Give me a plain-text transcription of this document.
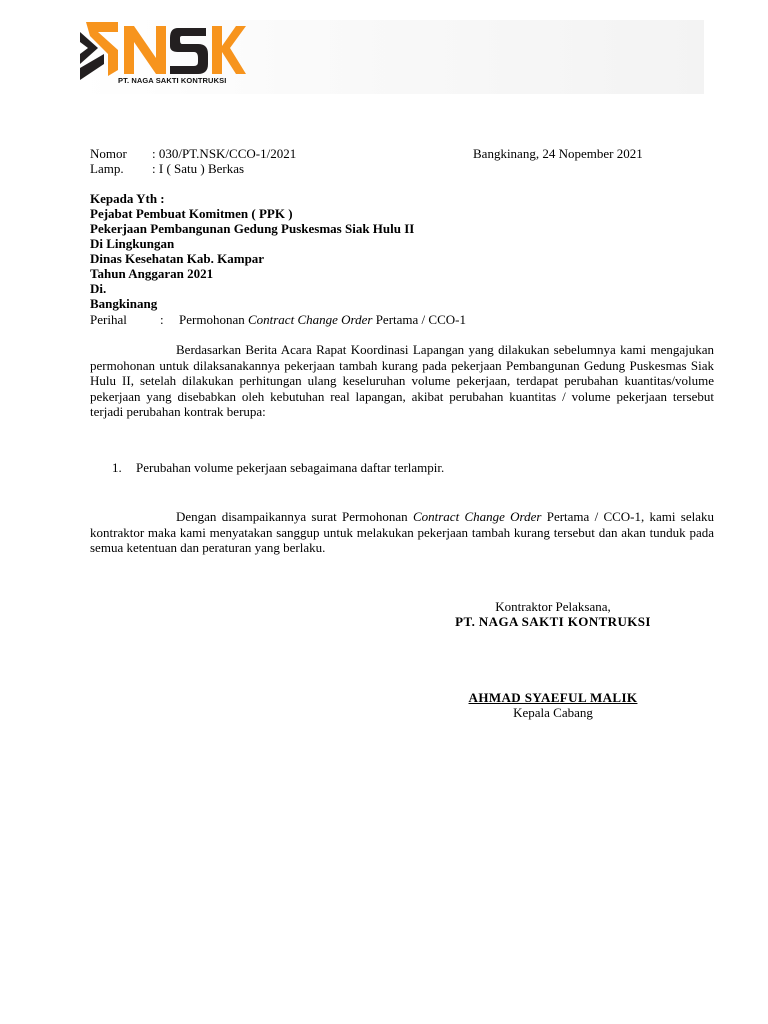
PT. NAGA SAKTI KONTRUKSI
Nomor : 030/PT.NSK/CCO-1/2021	Bangkinang, 24 Nopember 2021
Lamp. : I ( Satu ) Berkas
Kepada Yth :
Pejabat Pembuat Komitmen ( PPK )
Pekerjaan Pembangunan Gedung Puskesmas Siak Hulu II
Di Lingkungan
Dinas Kesehatan Kab. Kampar
Tahun Anggaran 2021
Di.
Bangkinang
Perihal	: Permohonan Contract Change Order Pertama / CCO-1
Berdasarkan Berita Acara Rapat Koordinasi Lapangan yang dilakukan sebelumnya kami mengajukan permohonan untuk dilaksanakannya pekerjaan tambah kurang pada pekerjaan Pembangunan Gedung Puskesmas Siak Hulu II, setelah dilakukan perhitungan ulang keseluruhan volume pekerjaan, terdapat perubahan kuantitas/volume pekerjaan yang disebabkan oleh kebutuhan real lapangan, akibat perubahan kuantitas / volume pekerjaan tersebut terjadi perubahan kontrak berupa:
1. Perubahan volume pekerjaan sebagaimana daftar terlampir.
Dengan disampaikannya surat Permohonan Contract Change Order Pertama / CCO-1, kami selaku kontraktor maka kami menyatakan sanggup untuk melakukan pekerjaan tambah kurang tersebut dan akan tunduk pada semua ketentuan dan peraturan yang berlaku.
Kontraktor Pelaksana,
PT. NAGA SAKTI KONTRUKSI
AHMAD SYAEFUL MALIK
Kepala Cabang
